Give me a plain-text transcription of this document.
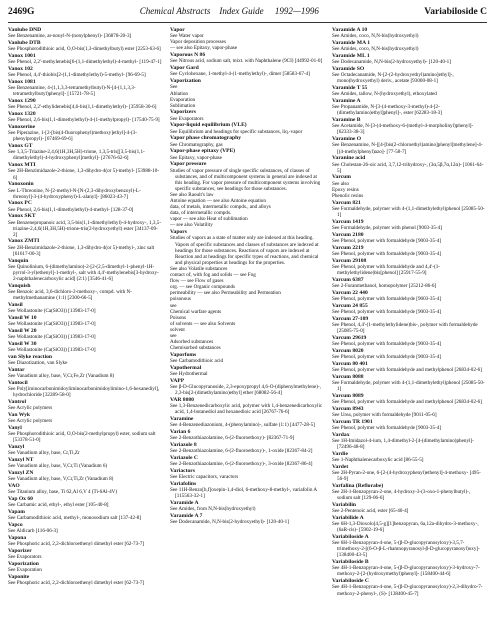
2469G	Chemical Abstracts Index Guide 1992—1996	Variabiloside C
Vanlube DND
See Benzenamine, ar-nonyl-N-(nonylphenyl)- [36878-20-3]
Vanlube DTB
See Phosphorodithioic acid, O,O-bis(1,3-dimethylbutyl) ester [2253-63-6]
Vanox 1001
See Phenol, 2,2'-methylenebis[6-(1,1-dimethylethyl)-4-methyl- [119-47-1]
Vanox 102
See Phenol, 4,4'-thiobis[2-(1,1-dimethylethyl)-5-methyl- [96-69-5]
Vanox 1081
See Benzenamine, 4-(1,1,3,3-tetramethylbutyl)-N-[4-(1,1,3,3-tetramethylbutyl)phenyl]- [15721-78-5]
Vanox 1290
See Phenol, 2,2'-ethylidenebis[4,6-bis(1,1-dimethylethyl)- [35958-30-6]
Vanox 1320
See Phenol, 2,6-bis(1,1-dimethylethyl)-4-(1-methylpropyl)- [17540-75-9]
Vanoxerine
See Piperazine, 1-[2-[bis(4-fluorophenyl)methoxy]ethyl]-4-(3-phenylpropyl)- [67469-69-6]
Vanox GT
See 1,3,5-Triazine-2,4,6(1H,3H,5H)-trione, 1,3,5-tris[[3,5-bis(1,1-dimethylethyl)-4-hydroxyphenyl]methyl]- [27676-62-6]
Vanox MTI
See 2H-Benzimidazole-2-thione, 1,3-dihydro-4(or 5)-methyl- [53988-10-6]
Vanoxonin
See L-Threonine, N-[2-methyl-N-[N-(2,3-dihydroxybenzoyl)-L-threonyl]-3-(4-hydroxyphenyl)-L-alanyl]- [86023-43-7]
Vanox PC
See Phenol, 2,6-bis(1,1-dimethylethyl)-4-methyl- [128-37-0]
Vanox SKT
See Benzenepropanoic acid, 3,5-bis(1,1-dimethylethyl)-4-hydroxy-, 1,3,5-triazine-2,4,6(1H,3H,5H)-trione-tris(2-hydroxyethyl) ester [34137-09-2]
Vanox ZMTI
See 2H-Benzimidazole-2-thione, 1,3-dihydro-4(or 5)-methyl-, zinc salt [61617-00-3]
Vanquin
See Quinolinium, 6-(dimethylamino)-2-[2-(2,5-dimethyl-1-phenyl-1H-pyrrol-3-yl)ethenyl]-1-methyl-, salt with 4,4'-methylenebis[3-hydroxy-2-naphthalenecarboxylic acid] (2:1) [3546-41-6]
Vanquish
See Benzoic acid, 3,6-dichloro-2-methoxy-, compd. with N-methylmethanamine (1:1) [2300-66-5]
Vansil
See Wollastonite (Ca(SiO3)) [13983-17-0]
Vansil W 10
See Wollastonite (Ca(SiO3)) [13983-17-0]
Vansil W 20
See Wollastonite (Ca(SiO3)) [13983-17-0]
Vansil W 30
See Wollastonite (Ca(SiO3)) [13983-17-0]
van Slyke reaction
See Diazotization, van Slyke
Vantar
See Vanadium alloy, base, V,Cr,Fe,Zr (Vanadium 8)
Vantocil
See Poly[iminocarbonimidoyliminocarbonimidoylimino-1,6-hexanediyl], hydrochloride [32289-58-0]
Vantrol
See Acrylic polymers
Van Wyk
See Acrylic polymers
Vanyl
See Phosphorodithioic acid, O,O-bis(2-methylpropyl) ester, sodium salt [53378-51-0]
Vanzyl
See Vanadium alloy, base, Cr,Ti,Zr
Vanzyl NT
See Vanadium alloy, base, V,Cr,Ti (Vanadium 6)
Vanzyl ZN
See Vanadium alloy, base, V,Cr,Ti,Zr (Vanadium 8)
VAO
See Titanium alloy, base, Ti 62,Al 6,V 4 (Ti-6Al-4V)
Vap Ox 60
See Carbamic acid, ethyl-, ethyl ester [105-40-8]
Vapam
See Carbamodithioic acid, methyl-, monosodium salt [137-42-8]
Vapco
See Aldicarb [116-06-3]
Vapona
See Phosphoric acid, 2,2-dichloroethenyl dimethyl ester [62-73-7]
Vaporizer
See Evaporators
Vaporization
See Evaporation
Vaponite
See Phosphoric acid, 2,2-dichloroethenyl dimethyl ester [62-73-7]
Vapor
See Water vapor
Vapor deposition processes
— see also Epitaxy, vapor-phase
Vaporous N 86
See Nitrous acid, sodium salt, mixt. with Naphthalene (9CI) [44992-01-0]
Vapor Gard
See Cyclohexane, 1-methyl-4-(1-methylethyl)-, dimer [58583-67-4]
Vaporization
See
Ablation
Evaporation
Sublimation
Vaporizers
See Evaporators
Vapor-liquid equilibrium (VLE)
See Equilibrium and headings for specific substances, liq.-vapor
Vapor phase chromatography
See Chromatography, gas
Vapor-phase epitaxy (VPE)
See Epitaxy, vapor-phase
Vapor pressure
Studies of vapor pressure of single specific substances, of classes of substances, and of multicomponent systems in general are indexed at this heading. For vapor pressure of multicomponent systems involving specific substances, see headings for those substances.
See also Raoult's law
Antoine equation — see also Antoine equation
data, of metals, intermetallic compds., and alloys
data, of intermetallic compds.
vapor — see also Heat of sublimation
— see also Volatility
Vapors
Studies of vapors as a state of matter only are indexed at this heading. Vapors of specific substances and classes of substances are indexed at headings for those substances. Reactions of vapors are indexed at Reaction and at headings for specific types of reactions, and chemical and physical properties at headings for the properties.
See also Volatile substances
contact of, with fog and solids — see Fog
flow — see Flow of gases
org. — see Organic compounds
permeability — see also Permeability and Permeation
poisonous
see
Chemical warfare agents
Poisons
of solvents — see also Solvents
solvent
see
Adsorbed substances
Chemisorbed substances
Vaporfoms
See Carbamodithioic acid
Vapothermal
See Hydrothermal
VAPP
See β-D-Glucopyranoside, 2,3-epoxypropyl 4,6-O-(diphenylmethylene)-, 2,3-bis[2-(dimethylamino)ethyl] ether [68082-56-4]
VAR 8080
See 1,3-Benzenedicarboxylic acid, polymer with 1,4-benzenedicarboxylic acid, 1,4-butanediol and hexanedioic acid [26767-76-6]
Varamine
See 4-Benzenediazonium, 4-(phenylamino)-, sulfate (1:1) [4477-28-5]
Varian 6
See 2-Benzothiazolamine, 6-(2-fluoroethoxy)- [82367-71-9]
Variazole 8
See 2-Benzothiazolamine, 6-(2-fluoroethoxy)-, 1-oxide [82367-84-2]
Variazole C
See 2-Benzothiazolamine, 6-(2-fluoroethoxy)-, 3-oxide [82367-86-4]
Variactors
See Electric capacitors, varactors
Variafolins
See 11H-Benzo[b,f]oxepin-1,4-diol, 6-methoxy-8-methyl-, variafolin A [115563-32-1]
Varamide A
See Amides, from N,N-bis(hydroxyethyl)
Varamide A 7
See Dodecanamide, N,N-bis(2-hydroxyethyl)- [120-40-1]
Varamide A 10
See Amides, coco, N,N-bis(hydroxyethyl)
Varamide MA 1
See Amides, coco, N,N-bis(hydroxyethyl)
Varamide ML 1
See Dodecanamide, N,N-bis(2-hydroxyethyl)- [120-40-1]
Varamide SO
See Octadecanamide, N-[2-(2-hydroxyethyl)amino]ethyl]-, mono(hydroxyethyl) deriv., acetate [93000-08-1]
Varamide T 55
See Amides, tallow, N-(hydroxyethyl), ethoxylated
Varamine A
See Propanamide, N-[3-(4-methoxy-3-methyl)-4-[2-(dimethylamino)ethyl]phenyl]-, ester [62283-18-3]
Varamine B
See Acetamide, N-[3-(4-methoxy-6-(methyl-4-morpholinyl)phenyl]- [62333-38-3]
Varamine O
See Benzenamine, N-[[4-[bis(2-chloroethyl)amino]phenyl]methylene]-4-[(4-methylphenyl)azo]- [77-58-7]
Varanine acid
See Cholestan-26-oic acid, 3,7,12-trihydroxy-, (3α,5β,7α,12α)- [1061-64-5]
Varcum
See also
Epoxy resins
Phenolic resins
Varcum 821
See Formaldehyde, polymer with 4-(1,1-dimethylethyl)phenol [25085-50-1]
Varcum 1419
See Formaldehyde, polymer with phenol [9003-35-4]
Varcum 2180
See Phenol, polymer with formaldehyde [9003-35-4]
Varcum 2219
See Phenol, polymer with formaldehyde [9003-35-4]
Varcum 29108
See Phenol, polymer with formaldehyde and 4,4'-(1-methylethylidene)bis[phenol] [25917-55-9]
Varcum 6387
See 2-Furanmethanol, homopolymer [25212-86-6]
Varcum 22 440
See Phenol, polymer with formaldehyde [9003-35-4]
Varcum 24 855
See Phenol, polymer with formaldehyde [9003-35-4]
Varcum 27-109
See Phenol, 4,4'-(1-methylethylidene)bis-, polymer with formaldehyde [25085-75-0]
Varcum 29619
See Phenol, polymer with formaldehyde [9003-35-4]
Varcum 8020
See Phenol, polymer with formaldehyde [9003-35-4]
Varcum 80 401
See Phenol, polymer with formaldehyde and methylphenol [26834-02-6]
Varcum 8088
See Formaldehyde, polymer with 4-(1,1-dimethylethyl)phenol [25085-50-1]
Varcum 8089
See Phenol, polymer with formaldehyde and methylphenol [26834-02-6]
Varcum 8943
See Urea, polymer with formaldehyde [9011-05-6]
Varcum TR 1901
See Phenol, polymer with formaldehyde [9003-35-4]
Vardax
See 1H-Imidazol-4-ium, 1,4-dimethyl-2-[4-(dimethylamino)phenyl]- [72496-48-8]
Vardie
See 1-Naphthalenecarboxylic acid [86-55-5]
Vardet
See 2H-Pyran-2-one, 6-[2-(4-hydroxyphenyl)ethenyl]-4-methoxy- [495-56-9]
Varfalina (Reflorabe)
See 2H-1-Benzopyran-2-one, 4-hydroxy-3-(3-oxo-1-phenylbutyl)-, sodium salt [129-06-6]
Variabilin
See 2-Pentenoic acid, ester [65-40-4]
Variabilide A
See 6H-1,3-Dioxolo[4,5-g][1]benzopyran, 6a,12a-dihydro-3-methoxy-, (6aR-cis)- [5902-19-6]
Variabiloside A
See 6H-1-Benzopyran-4-one, 5-(β-D-glucopyranosyloxy)-3,5,7-trimethoxy-2-[(6-O-β-L-rhamnopyranosyl-β-D-glucopyranosyl)oxy]- [138400-43-5]
Variabiloside B
See 4H-1-Benzopyran-4-one, 5-(β-D-glucopyranosyloxy)-3-hydroxy-7-methoxy-2-[2-(hydroxymethyl)phenyl]- [158400-44-6]
Variabiloside C
See 4H-1-Benzopyran-4-one, 5-(β-D-glucopyranosyloxy)-2,3-dihydro-7-methoxy-2-phenyl-, (S)- [138400-45-7]
